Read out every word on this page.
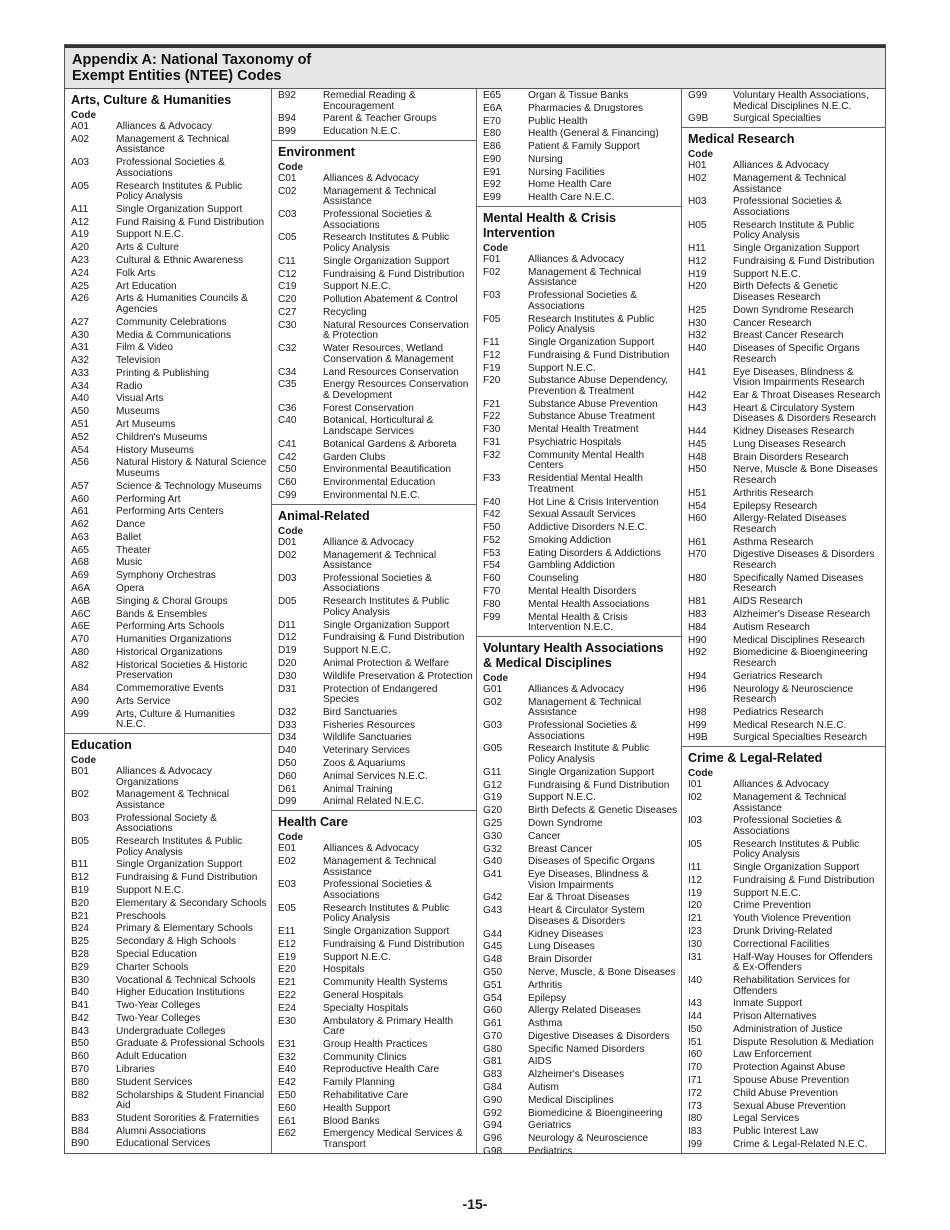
Appendix A: National Taxonomy of
Exempt Entities (NTEE) Codes
Arts, Culture & Humanities
Code
A01	Alliances & Advocacy
A02	Management & Technical Assistance
A03	Professional Societies & Associations
A05	Research Institutes & Public Policy Analysis
A11	Single Organization Support
A12	Fund Raising & Fund Distribution
A19	Support N.E.C.
A20	Arts & Culture
A23	Cultural & Ethnic Awareness
A24	Folk Arts
A25	Art Education
A26	Arts & Humanities Councils & Agencies
A27	Community Celebrations
A30	Media & Communications
A31	Film & Video
A32	Television
A33	Printing & Publishing
A34	Radio
A40	Visual Arts
A50	Museums
A51	Art Museums
A52	Children's Museums
A54	History Museums
A56	Natural History & Natural Science Museums
A57	Science & Technology Museums
A60	Performing Art
A61	Performing Arts Centers
A62	Dance
A63	Ballet
A65	Theater
A68	Music
A69	Symphony Orchestras
A6A	Opera
A6B	Singing & Choral Groups
A6C	Bands & Ensembles
A6E	Performing Arts Schools
A70	Humanities Organizations
A80	Historical Organizations
A82	Historical Societies & Historic Preservation
A84	Commemorative Events
A90	Arts Service
A99	Arts, Culture & Humanities N.E.C.
Education
Code
B01	Alliances & Advocacy Organizations
B02	Management & Technical Assistance
B03	Professional Society & Associations
B05	Research Institutes & Public Policy Analysis
B11	Single Organization Support
B12	Fundraising & Fund Distribution
B19	Support N.E.C.
B20	Elementary & Secondary Schools
B21	Preschools
B24	Primary & Elementary Schools
B25	Secondary & High Schools
B28	Special Education
B29	Charter Schools
B30	Vocational & Technical Schools
B40	Higher Education Institutions
B41	Two-Year Colleges
B42	Two-Year Colleges
B43	Undergraduate Colleges
B50	Graduate & Professional Schools
B60	Adult Education
B70	Libraries
B80	Student Services
B82	Scholarships & Student Financial Aid
B83	Student Sororities & Fraternities
B84	Alumni Associations
B90	Educational Services
B92	Remedial Reading & Encouragement
B94	Parent & Teacher Groups
B99	Education N.E.C.
Environment
Code
C01	Alliances & Advocacy
C02	Management & Technical Assistance
C03	Professional Societies & Associations
C05	Research Institutes & Public Policy Analysis
C11	Single Organization Support
C12	Fundraising & Fund Distribution
C19	Support N.E.C.
C20	Pollution Abatement & Control
C27	Recycling
C30	Natural Resources Conservation & Protection
C32	Water Resources, Wetland Conservation & Management
C34	Land Resources Conservation
C35	Energy Resources Conservation & Development
C36	Forest Conservation
C40	Botanical, Horticultural & Landscape Services
C41	Botanical Gardens & Arboreta
C42	Garden Clubs
C50	Environmental Beautification
C60	Environmental Education
C99	Environmental N.E.C.
Animal-Related
Code
D01	Alliance & Advocacy
D02	Management & Technical Assistance
D03	Professional Societies & Associations
D05	Research Institutes & Public Policy Analysis
D11	Single Organization Support
D12	Fundraising & Fund Distribution
D19	Support N.E.C.
D20	Animal Protection & Welfare
D30	Wildlife Preservation & Protection
D31	Protection of Endangered Species
D32	Bird Sanctuaries
D33	Fisheries Resources
D34	Wildlife Sanctuaries
D40	Veterinary Services
D50	Zoos & Aquariums
D60	Animal Services N.E.C.
D61	Animal Training
D99	Animal Related N.E.C.
Health Care
Code
E01	Alliances & Advocacy
E02	Management & Technical Assistance
E03	Professional Societies & Associations
E05	Research Institutes & Public Policy Analysis
E11	Single Organization Support
E12	Fundraising & Fund Distribution
E19	Support N.E.C.
E20	Hospitals
E21	Community Health Systems
E22	General Hospitals
E24	Specialty Hospitals
E30	Ambulatory & Primary Health Care
E31	Group Health Practices
E32	Community Clinics
E40	Reproductive Health Care
E42	Family Planning
E50	Rehabilitative Care
E60	Health Support
E61	Blood Banks
E62	Emergency Medical Services & Transport
E65	Organ & Tissue Banks
E6A	Pharmacies & Drugstores
E70	Public Health
E80	Health (General & Financing)
E86	Patient & Family Support
E90	Nursing
E91	Nursing Facilities
E92	Home Health Care
E99	Health Care N.E.C.
Mental Health & Crisis Intervention
Code
F01	Alliances & Advocacy
F02	Management & Technical Assistance
F03	Professional Societies & Associations
F05	Research Institutes & Public Policy Analysis
F11	Single Organization Support
F12	Fundraising & Fund Distribution
F19	Support N.E.C.
F20	Substance Abuse Dependency, Prevention & Treatment
F21	Substance Abuse Prevention
F22	Substance Abuse Treatment
F30	Mental Health Treatment
F31	Psychiatric Hospitals
F32	Community Mental Health Centers
F33	Residential Mental Health Treatment
F40	Hot Line & Crisis Intervention
F42	Sexual Assault Services
F50	Addictive Disorders N.E.C.
F52	Smoking Addiction
F53	Eating Disorders & Addictions
F54	Gambling Addiction
F60	Counseling
F70	Mental Health Disorders
F80	Mental Health Associations
F99	Mental Health & Crisis Intervention N.E.C.
Voluntary Health Associations & Medical Disciplines
Code
G01	Alliances & Advocacy
G02	Management & Technical Assistance
G03	Professional Societies & Associations
G05	Research Institute & Public Policy Analysis
G11	Single Organization Support
G12	Fundraising & Fund Distribution
G19	Support N.E.C.
G20	Birth Defects & Genetic Diseases
G25	Down Syndrome
G30	Cancer
G32	Breast Cancer
G40	Diseases of Specific Organs
G41	Eye Diseases, Blindness & Vision Impairments
G42	Ear & Throat Diseases
G43	Heart & Circulator System Diseases & Disorders
G44	Kidney Diseases
G45	Lung Diseases
G48	Brain Disorder
G50	Nerve, Muscle, & Bone Diseases
G51	Arthritis
G54	Epilepsy
G60	Allergy Related Diseases
G61	Asthma
G70	Digestive Diseases & Disorders
G80	Specific Named Disorders
G81	AIDS
G83	Alzheimer's Diseases
G84	Autism
G90	Medical Disciplines
G92	Biomedicine & Bioengineering
G94	Geriatrics
G96	Neurology & Neuroscience
G98	Pediatrics
G99	Voluntary Health Associations, Medical Disciplines N.E.C.
G9B	Surgical Specialties
Medical Research
Code
H01	Alliances & Advocacy
H02	Management & Technical Assistance
H03	Professional Societies & Associations
H05	Research Institute & Public Policy Analysis
H11	Single Organization Support
H12	Fundraising & Fund Distribution
H19	Support N.E.C.
H20	Birth Defects & Genetic Diseases Research
H25	Down Syndrome Research
H30	Cancer Research
H32	Breast Cancer Research
H40	Diseases of Specific Organs Research
H41	Eye Diseases, Blindness & Vision Impairments Research
H42	Ear & Throat Diseases Research
H43	Heart & Circulatory System Diseases & Disorders Research
H44	Kidney Diseases Research
H45	Lung Diseases Research
H48	Brain Disorders Research
H50	Nerve, Muscle & Bone Diseases Research
H51	Arthritis Research
H54	Epilepsy Research
H60	Allergy-Related Diseases Research
H61	Asthma Research
H70	Digestive Diseases & Disorders Research
H80	Specifically Named Diseases Research
H81	AIDS Research
H83	Alzheimer's Disease Research
H84	Autism Research
H90	Medical Disciplines Research
H92	Biomedicine & Bioengineering Research
H94	Geriatrics Research
H96	Neurology & Neuroscience Research
H98	Pediatrics Research
H99	Medical Research N.E.C.
H9B	Surgical Specialties Research
Crime & Legal-Related
Code
I01	Alliances & Advocacy
I02	Management & Technical Assistance
I03	Professional Societies & Associations
I05	Research Institutes & Public Policy Analysis
I11	Single Organization Support
I12	Fundraising & Fund Distribution
I19	Support N.E.C.
I20	Crime Prevention
I21	Youth Violence Prevention
I23	Drunk Driving-Related
I30	Correctional Facilities
I31	Half-Way Houses for Offenders & Ex-Offenders
I40	Rehabilitation Services for Offenders
I43	Inmate Support
I44	Prison Alternatives
I50	Administration of Justice
I51	Dispute Resolution & Mediation
I60	Law Enforcement
I70	Protection Against Abuse
I71	Spouse Abuse Prevention
I72	Child Abuse Prevention
I73	Sexual Abuse Prevention
I80	Legal Services
I83	Public Interest Law
I99	Crime & Legal-Related N.E.C.
-15-
